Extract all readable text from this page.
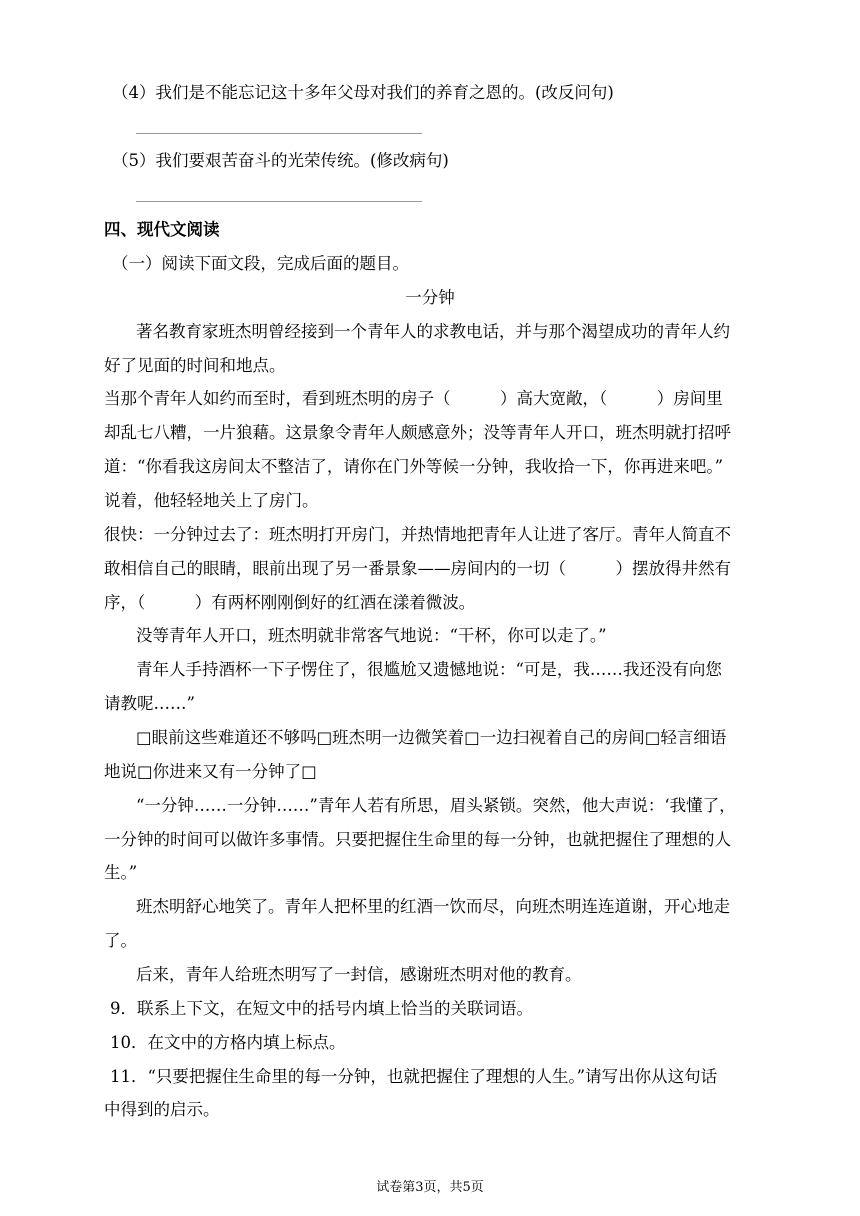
（4）我们是不能忘记这十多年父母对我们的养育之恩的。(改反问句)
（5）我们要艰苦奋斗的光荣传统。(修改病句)
四、现代文阅读
（一）阅读下面文段，完成后面的题目。
一分钟
著名教育家班杰明曾经接到一个青年人的求教电话，并与那个渴望成功的青年人约
好了见面的时间和地点。
当那个青年人如约而至时，看到班杰明的房子（　　　）高大宽敞，（　　　）房间里
却乱七八糟，一片狼藉。这景象令青年人颇感意外；没等青年人开口，班杰明就打招呼
道：“你看我这房间太不整洁了，请你在门外等候一分钟，我收拾一下，你再进来吧。”
说着，他轻轻地关上了房门。
很快：一分钟过去了：班杰明打开房门，并热情地把青年人让进了客厅。青年人简直不
敢相信自己的眼睛，眼前出现了另一番景象——房间内的一切（　　　）摆放得井然有
序，（　　　）有两杯刚刚倒好的红酒在漾着微波。
没等青年人开口，班杰明就非常客气地说：“干杯，你可以走了。”
青年人手持酒杯一下子愣住了，很尴尬又遗憾地说：“可是，我……我还没有向您
请教呢……”
□眼前这些难道还不够吗□班杰明一边微笑着□一边扫视着自己的房间□轻言细语
地说□你进来又有一分钟了□
“一分钟……一分钟……”青年人若有所思，眉头紧锁。突然，他大声说：‘我懂了，
一分钟的时间可以做许多事情。只要把握住生命里的每一分钟，也就把握住了理想的人
生。”
班杰明舒心地笑了。青年人把杯里的红酒一饮而尽，向班杰明连连道谢，开心地走
了。
后来，青年人给班杰明写了一封信，感谢班杰明对他的教育。
9．联系上下文，在短文中的括号内填上恰当的关联词语。
10．在文中的方格内填上标点。
11．“只要把握住生命里的每一分钟，也就把握住了理想的人生。”请写出你从这句话
中得到的启示。
试卷第3页，共5页
